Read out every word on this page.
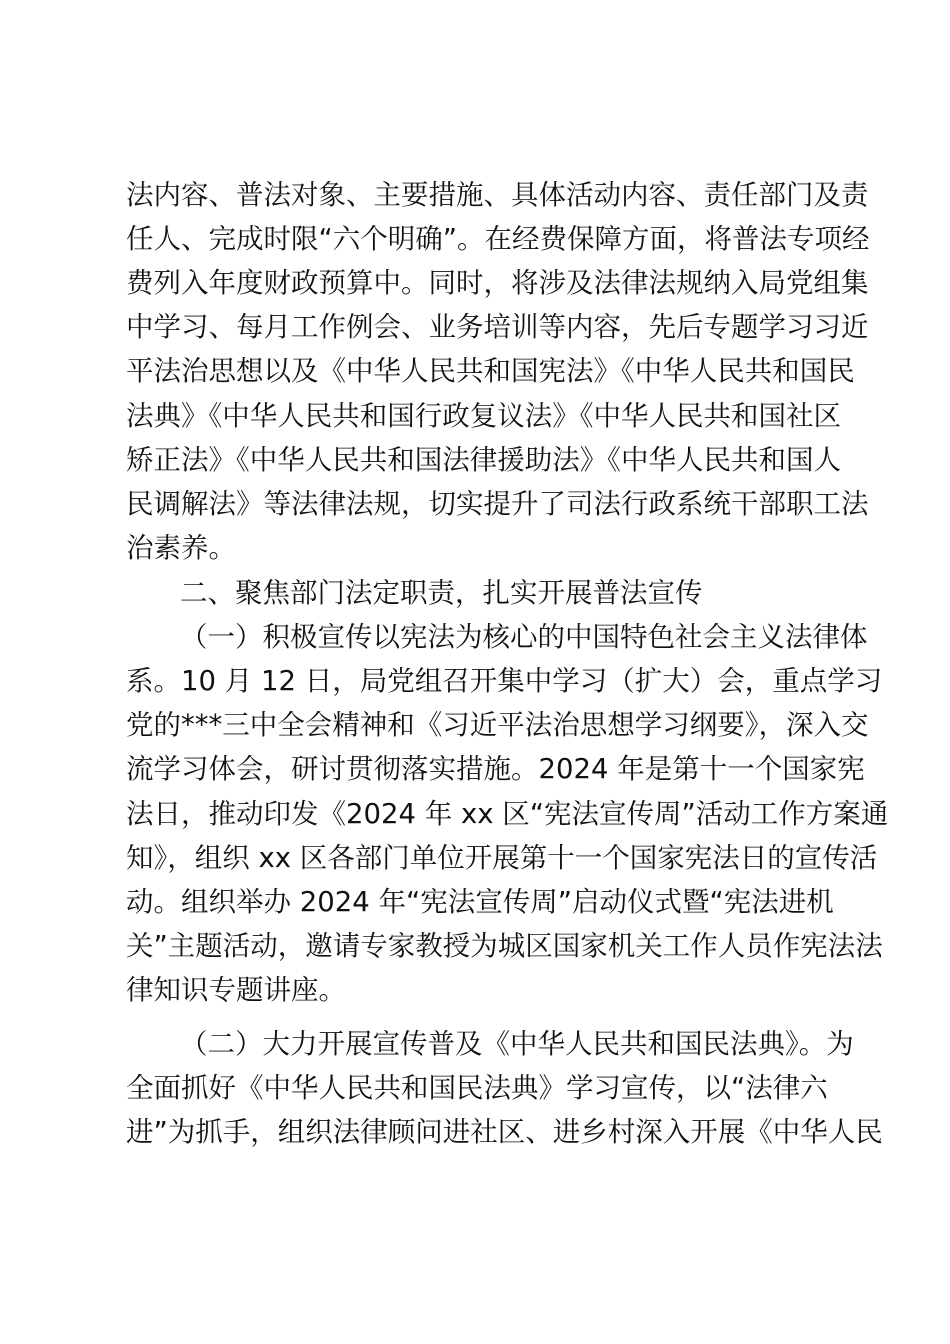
法内容、普法对象、主要措施、具体活动内容、责任部门及责
任人、完成时限“六个明确”。在经费保障方面，将普法专项经
费列入年度财政预算中。同时，将涉及法律法规纳入局党组集
中学习、每月工作例会、业务培训等内容，先后专题学习习近
平法治思想以及《中华人民共和国宪法》《中华人民共和国民
法典》《中华人民共和国行政复议法》《中华人民共和国社区
矫正法》《中华人民共和国法律援助法》《中华人民共和国人
民调解法》等法律法规，切实提升了司法行政系统干部职工法
治素养。
二、聚焦部门法定职责，扎实开展普法宣传
（一）积极宣传以宪法为核心的中国特色社会主义法律体
系。10 月 12 日，局党组召开集中学习（扩大）会，重点学习
党的***三中全会精神和《习近平法治思想学习纲要》，深入交
流学习体会，研讨贯彻落实措施。2024 年是第十一个国家宪
法日，推动印发《2024 年 xx 区“宪法宣传周”活动工作方案通
知》，组织 xx 区各部门单位开展第十一个国家宪法日的宣传活
动。组织举办 2024 年“宪法宣传周”启动仪式暨“宪法进机
关”主题活动，邀请专家教授为城区国家机关工作人员作宪法法
律知识专题讲座。
（二）大力开展宣传普及《中华人民共和国民法典》。为
全面抓好《中华人民共和国民法典》学习宣传，以“法律六
进”为抓手，组织法律顾问进社区、进乡村深入开展《中华人民
